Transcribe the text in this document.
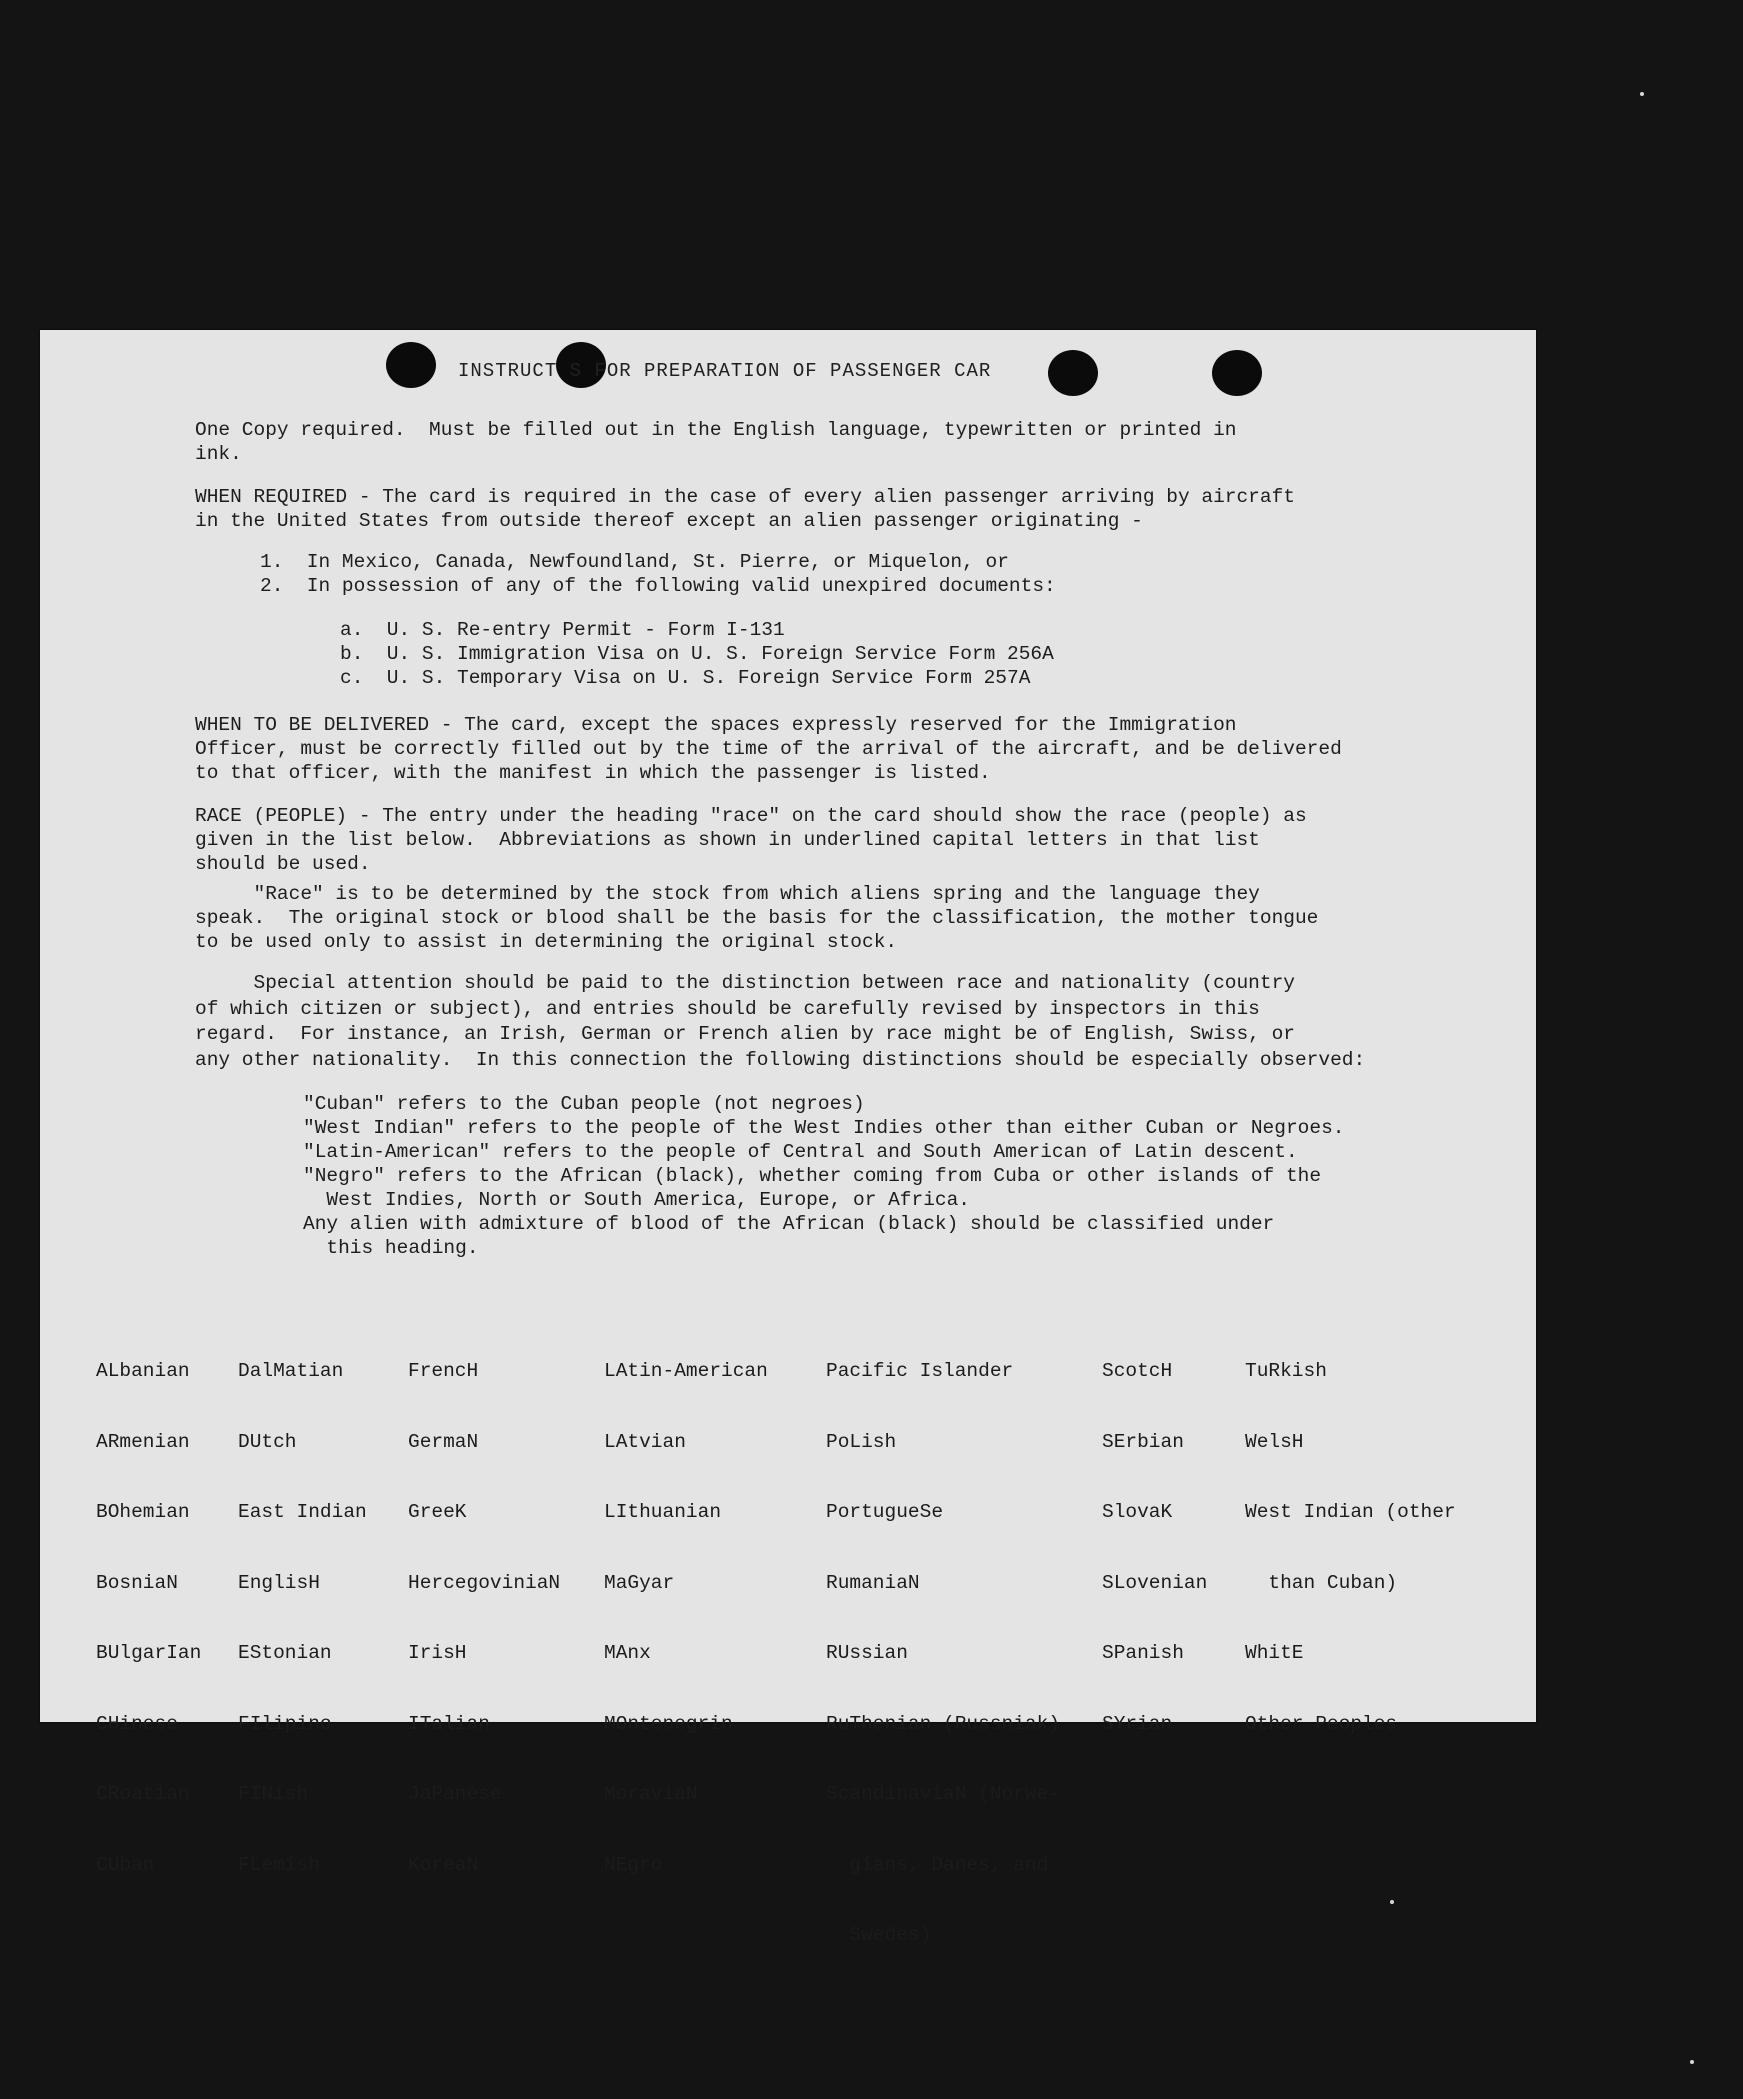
INSTRUCT S FOR PREPARATION OF PASSENGER CAR
One Copy required.  Must be filled out in the English language, typewritten or printed in
ink.
WHEN REQUIRED - The card is required in the case of every alien passenger arriving by aircraft
in the United States from outside thereof except an alien passenger originating -
1.  In Mexico, Canada, Newfoundland, St. Pierre, or Miquelon, or
2.  In possession of any of the following valid unexpired documents:
a.  U. S. Re-entry Permit - Form I-131
b.  U. S. Immigration Visa on U. S. Foreign Service Form 256A
c.  U. S. Temporary Visa on U. S. Foreign Service Form 257A
WHEN TO BE DELIVERED - The card, except the spaces expressly reserved for the Immigration
Officer, must be correctly filled out by the time of the arrival of the aircraft, and be delivered
to that officer, with the manifest in which the passenger is listed.
RACE (PEOPLE) - The entry under the heading "race" on the card should show the race (people) as
given in the list below.  Abbreviations as shown in underlined capital letters in that list
should be used.
"Race" is to be determined by the stock from which aliens spring and the language they
speak.  The original stock or blood shall be the basis for the classification, the mother tongue
to be used only to assist in determining the original stock.
Special attention should be paid to the distinction between race and nationality (country
of which citizen or subject), and entries should be carefully revised by inspectors in this
regard.  For instance, an Irish, German or French alien by race might be of English, Swiss, or
any other nationality.  In this connection the following distinctions should be especially observed:
"Cuban" refers to the Cuban people (not negroes)
"West Indian" refers to the people of the West Indies other than either Cuban or Negroes.
"Latin-American" refers to the people of Central and South American of Latin descent.
"Negro" refers to the African (black), whether coming from Cuba or other islands of the
West Indies, North or South America, Europe, or Africa.
Any alien with admixture of blood of the African (black) should be classified under
this heading.

ALbanian

ARmenian

BOhemian

BosniaN

BUlgarIan

CHinese

CRoatian

CUban

DalMatian

DUtch

East Indian

EnglisH

EStonian

FIlipino

FINish

FLemish

FrencH

GermaN

GreeK

HercegoviniaN

IrisH

ITalian

JaPanese

KoreaN

LAtin-American

LAtvian

LIthuanian

MaGyar

MAnx

MOntenegrin

MoraviaN

NEgro

Pacific Islander

PoLish

PortugueSe

RumaniaN

RUssian

RuThenian (Russniak)

ScandinaviaN (Norwe-

gians, Danes, and

Swedes)

ScotcH

SErbian

SlovaK

SLovenian

SPanish

SYrian

TuRkish

WelsH

West Indian (other

than Cuban)

WhitE

Other Peoples
